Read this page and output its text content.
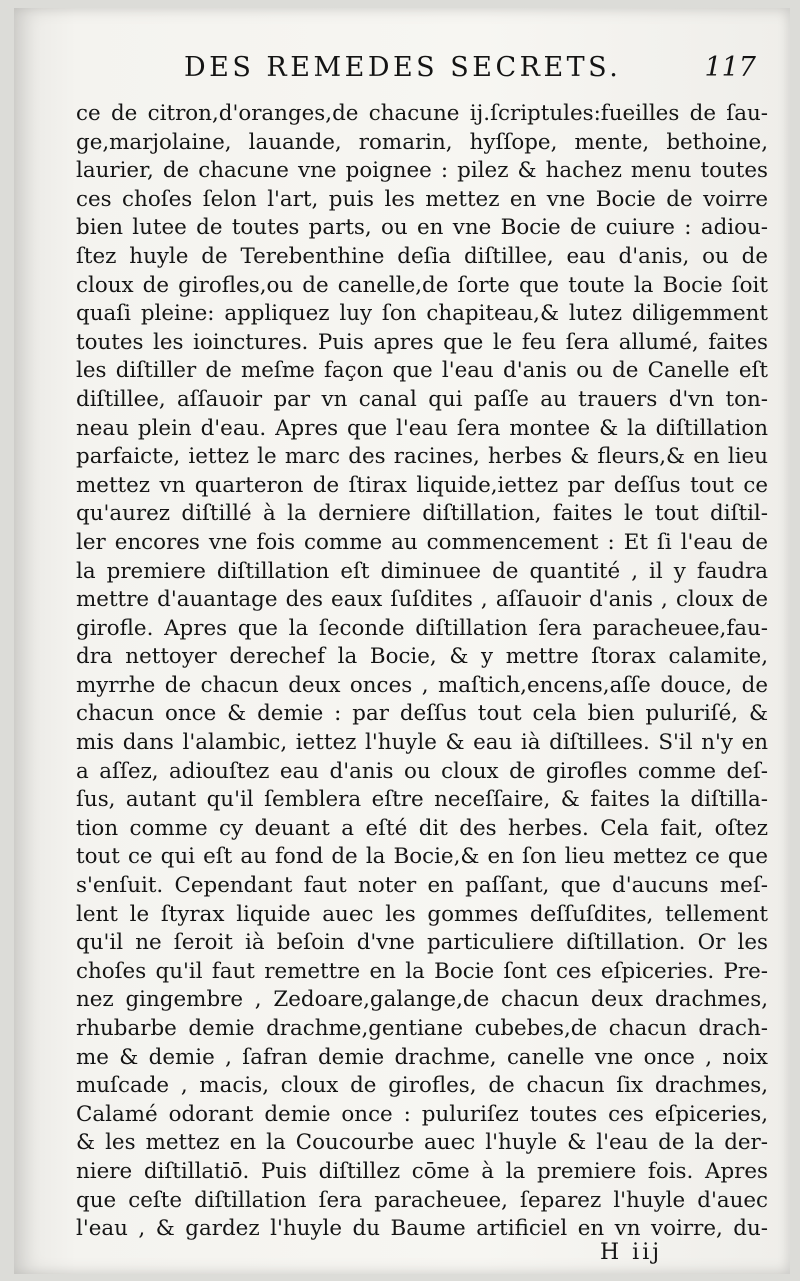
DES REMEDES SECRETS.	117
ce de citron,d'oranges,de chacune ij.ſcriptules:fueilles de ſau-
ge,marjolaine, lauande, romarin, hyſſope, mente, bethoine,
laurier, de chacune vne poignee : pilez & hachez menu toutes
ces choſes ſelon l'art, puis les mettez en vne Bocie de voirre
bien lutee de toutes parts, ou en vne Bocie de cuiure : adiou-
ſtez huyle de Terebenthine deſia diſtillee, eau d'anis, ou de
cloux de girofles,ou de canelle,de ſorte que toute la Bocie ſoit
quaſi pleine: appliquez luy ſon chapiteau,& lutez diligemment
toutes les ioinctures. Puis apres que le feu ſera allumé, faites
les diſtiller de meſme façon que l'eau d'anis ou de Canelle eſt
diſtillee, aſſauoir par vn canal qui paſſe au trauers d'vn ton-
neau plein d'eau. Apres que l'eau ſera montee & la diſtillation
parfaicte, iettez le marc des racines, herbes & fleurs,& en lieu
mettez vn quarteron de ſtirax liquide,iettez par deſſus tout ce
qu'aurez diſtillé à la derniere diſtillation, faites le tout diſtil-
ler encores vne fois comme au commencement : Et ſi l'eau de
la premiere diſtillation eſt diminuee de quantité , il y faudra
mettre d'auantage des eaux ſuſdites , aſſauoir d'anis , cloux de
girofle. Apres que la ſeconde diſtillation ſera paracheuee,fau-
dra nettoyer derechef la Bocie, & y mettre ſtorax calamite,
myrrhe de chacun deux onces , maſtich,encens,aſſe douce, de
chacun once & demie : par deſſus tout cela bien puluriſé, &
mis dans l'alambic, iettez l'huyle & eau ià diſtillees. S'il n'y en
a aſſez, adiouſtez eau d'anis ou cloux de girofles comme deſ-
ſus, autant qu'il ſemblera eſtre neceſſaire, & faites la diſtilla-
tion comme cy deuant a eſté dit des herbes. Cela fait, oſtez
tout ce qui eſt au fond de la Bocie,& en ſon lieu mettez ce que
s'enſuit. Cependant faut noter en paſſant, que d'aucuns meſ-
lent le ſtyrax liquide auec les gommes deſſuſdites, tellement
qu'il ne ſeroit ià beſoin d'vne particuliere diſtillation. Or les
choſes qu'il faut remettre en la Bocie ſont ces eſpiceries. Pre-
nez gingembre , Zedoare,galange,de chacun deux drachmes,
rhubarbe demie drachme,gentiane cubebes,de chacun drach-
me & demie , ſafran demie drachme, canelle vne once , noix
muſcade , macis, cloux de girofles, de chacun ſix drachmes,
Calamé odorant demie once : puluriſez toutes ces eſpiceries,
& les mettez en la Coucourbe auec l'huyle & l'eau de la der-
niere diſtillatiō. Puis diſtillez cōme à la premiere fois. Apres
que ceſte diſtillation ſera paracheuee, ſeparez l'huyle d'auec
l'eau , & gardez l'huyle du Baume artificiel en vn voirre, du-
H iij
